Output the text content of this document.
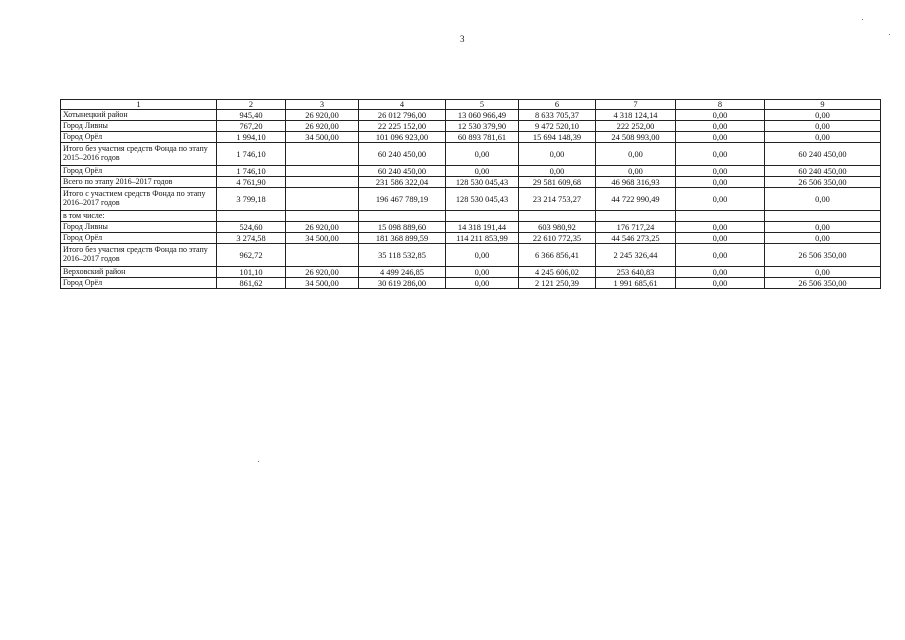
3
1	2	3	4	5	6	7	8	9
Хотынецкий район	945,40	26 920,00	26 012 796,00	13 060 966,49	8 633 705,37	4 318 124,14	0,00	0,00
Город Ливны	767,20	26 920,00	22 225 152,00	12 530 379,90	9 472 520,10	222 252,00	0,00	0,00
Город Орёл	1 994,10	34 500,00	101 096 923,00	60 893 781,61	15 694 148,39	24 508 993,00	0,00	0,00
Итого без участия средств Фонда по этапу 2015–2016 годов	1 746,10		60 240 450,00	0,00	0,00	0,00	0,00	60 240 450,00
Город Орёл	1 746,10		60 240 450,00	0,00	0,00	0,00	0,00	60 240 450,00
Всего по этапу 2016–2017 годов	4 761,90		231 586 322,04	128 530 045,43	29 581 609,68	46 968 316,93	0,00	26 506 350,00
Итого с участием средств Фонда по этапу 2016–2017 годов	3 799,18		196 467 789,19	128 530 045,43	23 214 753,27	44 722 990,49	0,00	0,00
в том числе:								
Город Ливны	524,60	26 920,00	15 098 889,60	14 318 191,44	603 980,92	176 717,24	0,00	0,00
Город Орёл	3 274,58	34 500,00	181 368 899,59	114 211 853,99	22 610 772,35	44 546 273,25	0,00	0,00
Итого без участия средств Фонда по этапу 2016–2017 годов	962,72		35 118 532,85	0,00	6 366 856,41	2 245 326,44	0,00	26 506 350,00
Верховский район	101,10	26 920,00	4 499 246,85	0,00	4 245 606,02	253 640,83	0,00	0,00
Город Орёл	861,62	34 500,00	30 619 286,00	0,00	2 121 250,39	1 991 685,61	0,00	26 506 350,00
